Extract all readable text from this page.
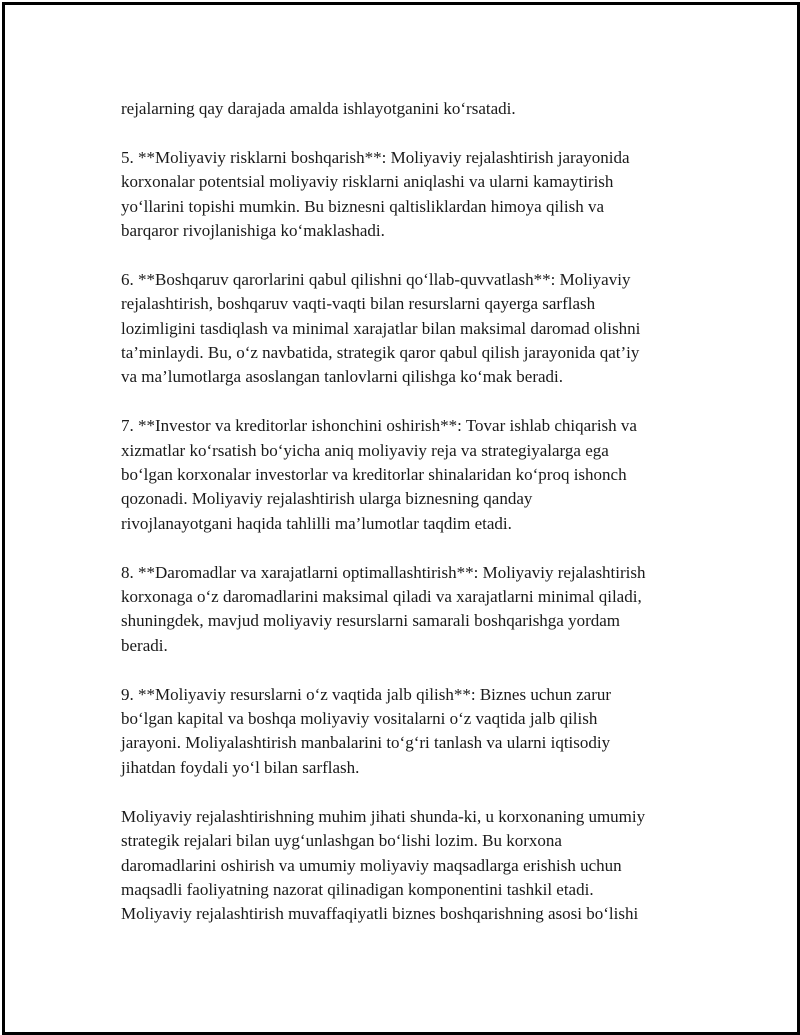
rejalarning qay darajada amalda ishlayotganini ko‘rsatadi.

5. **Moliyaviy risklarni boshqarish**: Moliyaviy rejalashtirish jarayonida
korxonalar potentsial moliyaviy risklarni aniqlashi va ularni kamaytirish
yo‘llarini topishi mumkin. Bu biznesni qaltisliklardan himoya qilish va
barqaror rivojlanishiga ko‘maklashadi.

6. **Boshqaruv qarorlarini qabul qilishni qo‘llab-quvvatlash**: Moliyaviy
rejalashtirish, boshqaruv vaqti-vaqti bilan resurslarni qayerga sarflash
lozimligini tasdiqlash va minimal xarajatlar bilan maksimal daromad olishni
ta’minlaydi. Bu, o‘z navbatida, strategik qaror qabul qilish jarayonida qat’iy
va ma’lumotlarga asoslangan tanlovlarni qilishga ko‘mak beradi.

7. **Investor va kreditorlar ishonchini oshirish**: Tovar ishlab chiqarish va
xizmatlar ko‘rsatish bo‘yicha aniq moliyaviy reja va strategiyalarga ega
bo‘lgan korxonalar investorlar va kreditorlar shinalaridan ko‘proq ishonch
qozonadi. Moliyaviy rejalashtirish ularga biznesning qanday
rivojlanayotgani haqida tahlilli ma’lumotlar taqdim etadi.

8. **Daromadlar va xarajatlarni optimallashtirish**: Moliyaviy rejalashtirish
korxonaga o‘z daromadlarini maksimal qiladi va xarajatlarni minimal qiladi,
shuningdek, mavjud moliyaviy resurslarni samarali boshqarishga yordam
beradi.

9. **Moliyaviy resurslarni o‘z vaqtida jalb qilish**: Biznes uchun zarur
bo‘lgan kapital va boshqa moliyaviy vositalarni o‘z vaqtida jalb qilish
jarayoni. Moliyalashtirish manbalarini to‘g‘ri tanlash va ularni iqtisodiy
jihatdan foydali yo‘l bilan sarflash.

Moliyaviy rejalashtirishning muhim jihati shunda-ki, u korxonaning umumiy
strategik rejalari bilan uyg‘unlashgan bo‘lishi lozim. Bu korxona
daromadlarini oshirish va umumiy moliyaviy maqsadlarga erishish uchun
maqsadli faoliyatning nazorat qilinadigan komponentini tashkil etadi.
Moliyaviy rejalashtirish muvaffaqiyatli biznes boshqarishning asosi bo‘lishi
